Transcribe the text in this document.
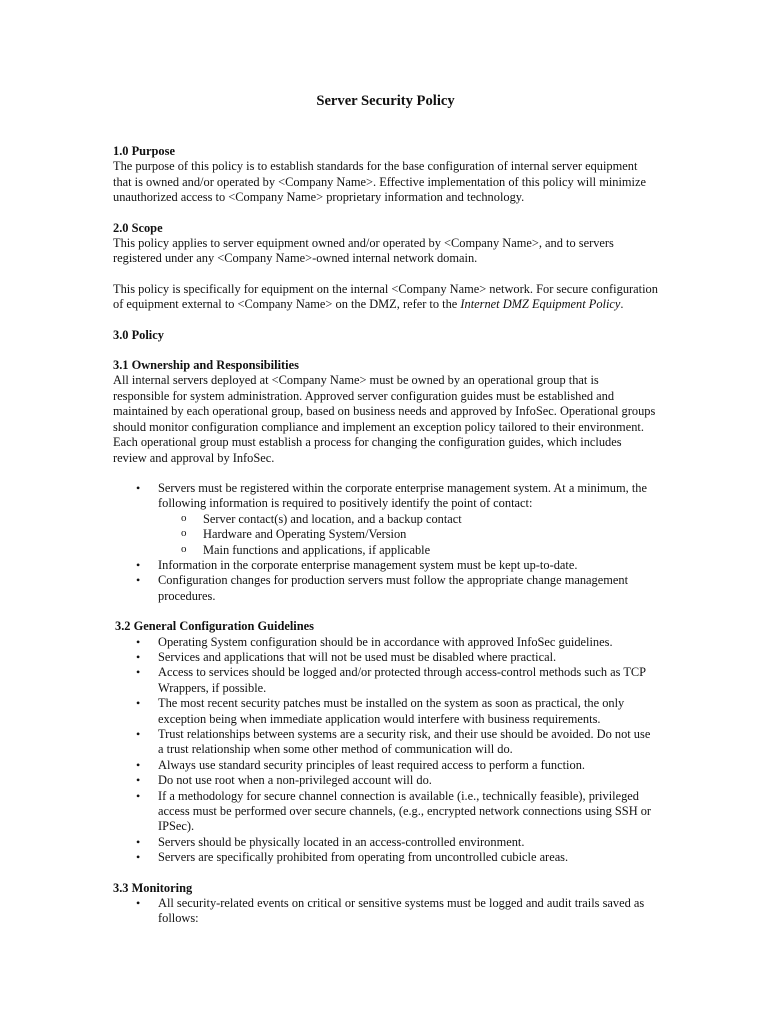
Server Security Policy
1.0 Purpose

The purpose of this policy is to establish standards for the base configuration of internal server equipment that is owned and/or operated by <Company Name>. Effective implementation of this policy will minimize unauthorized access to <Company Name> proprietary information and technology.

2.0 Scope

This policy applies to server equipment owned and/or operated by <Company Name>, and to servers registered under any <Company Name>-owned internal network domain.

This policy is specifically for equipment on the internal <Company Name> network. For secure configuration of equipment external to <Company Name> on the DMZ, refer to the Internet DMZ Equipment Policy.

3.0 Policy
3.1 Ownership and Responsibilities

All internal servers deployed at <Company Name> must be owned by an operational group that is responsible for system administration. Approved server configuration guides must be established and maintained by each operational group, based on business needs and approved by InfoSec. Operational groups should monitor configuration compliance and implement an exception policy tailored to their environment. Each operational group must establish a process for changing the configuration guides, which includes review and approval by InfoSec.

• Servers must be registered within the corporate enterprise management system. At a minimum, the following information is required to positively identify the point of contact:
o Server contact(s) and location, and a backup contact
o Hardware and Operating System/Version
o Main functions and applications, if applicable
• Information in the corporate enterprise management system must be kept up-to-date.
• Configuration changes for production servers must follow the appropriate change management procedures.
3.2 General Configuration Guidelines
• Operating System configuration should be in accordance with approved InfoSec guidelines.
• Services and applications that will not be used must be disabled where practical.
• Access to services should be logged and/or protected through access-control methods such as TCP Wrappers, if possible.
• The most recent security patches must be installed on the system as soon as practical, the only exception being when immediate application would interfere with business requirements.
• Trust relationships between systems are a security risk, and their use should be avoided. Do not use a trust relationship when some other method of communication will do.
• Always use standard security principles of least required access to perform a function.
• Do not use root when a non-privileged account will do.
• If a methodology for secure channel connection is available (i.e., technically feasible), privileged access must be performed over secure channels, (e.g., encrypted network connections using SSH or IPSec).
• Servers should be physically located in an access-controlled environment.
• Servers are specifically prohibited from operating from uncontrolled cubicle areas.
3.3 Monitoring
• All security-related events on critical or sensitive systems must be logged and audit trails saved as follows:
